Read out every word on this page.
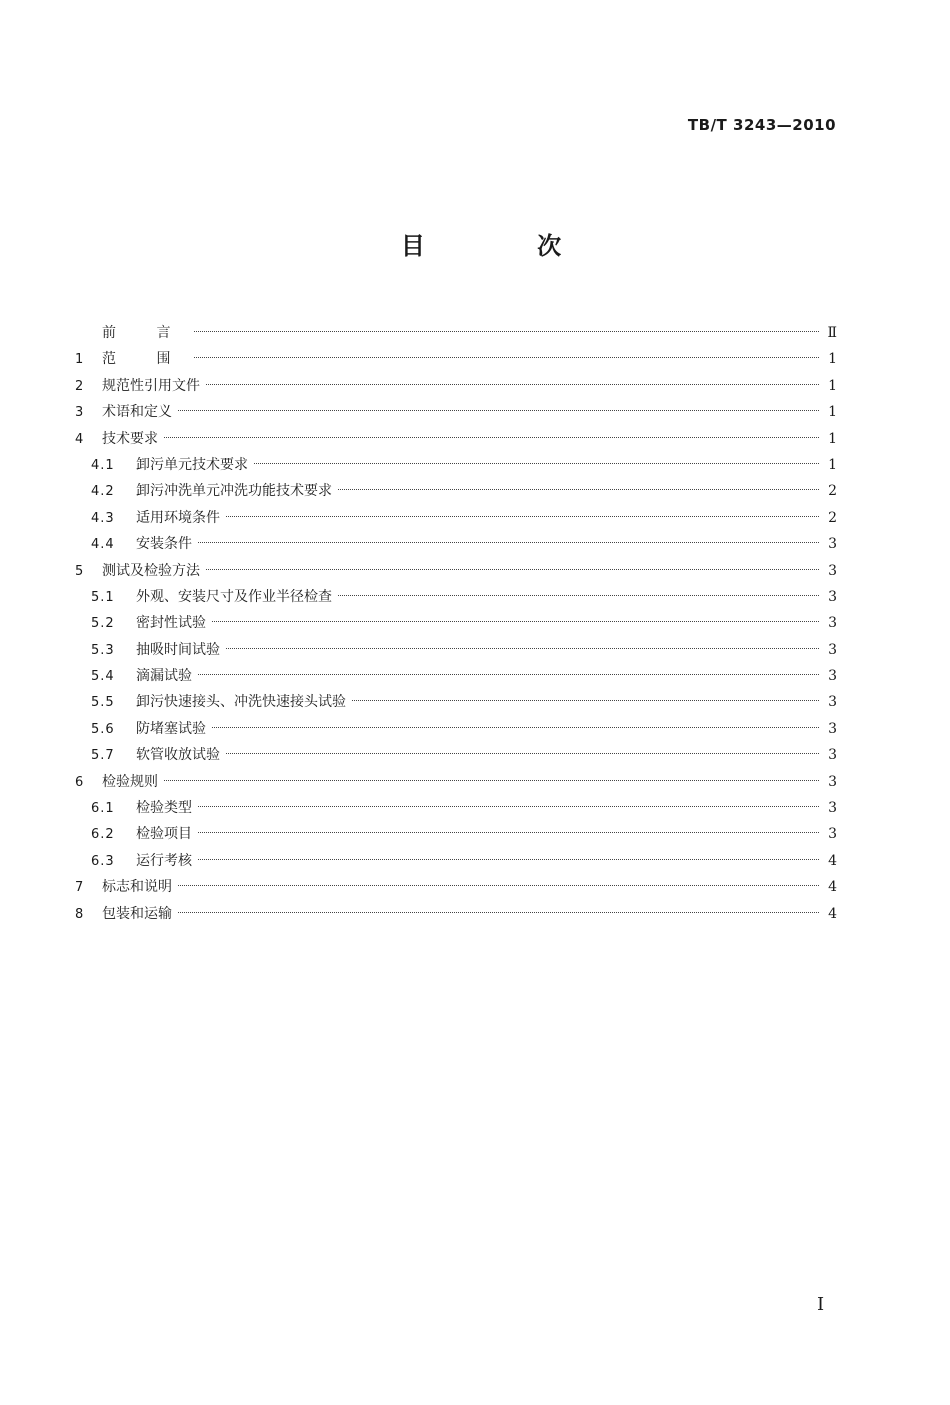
TB/T 3243—2010
目 次
前 言	Ⅱ
1	范 围	1
2	规范性引用文件	1
3	术语和定义	1
4	技术要求	1
4.1	卸污单元技术要求	1
4.2	卸污冲洗单元冲洗功能技术要求	2
4.3	适用环境条件	2
4.4	安装条件	3
5	测试及检验方法	3
5.1	外观、安装尺寸及作业半径检查	3
5.2	密封性试验	3
5.3	抽吸时间试验	3
5.4	滴漏试验	3
5.5	卸污快速接头、冲洗快速接头试验	3
5.6	防堵塞试验	3
5.7	软管收放试验	3
6	检验规则	3
6.1	检验类型	3
6.2	检验项目	3
6.3	运行考核	4
7	标志和说明	4
8	包装和运输	4
I
